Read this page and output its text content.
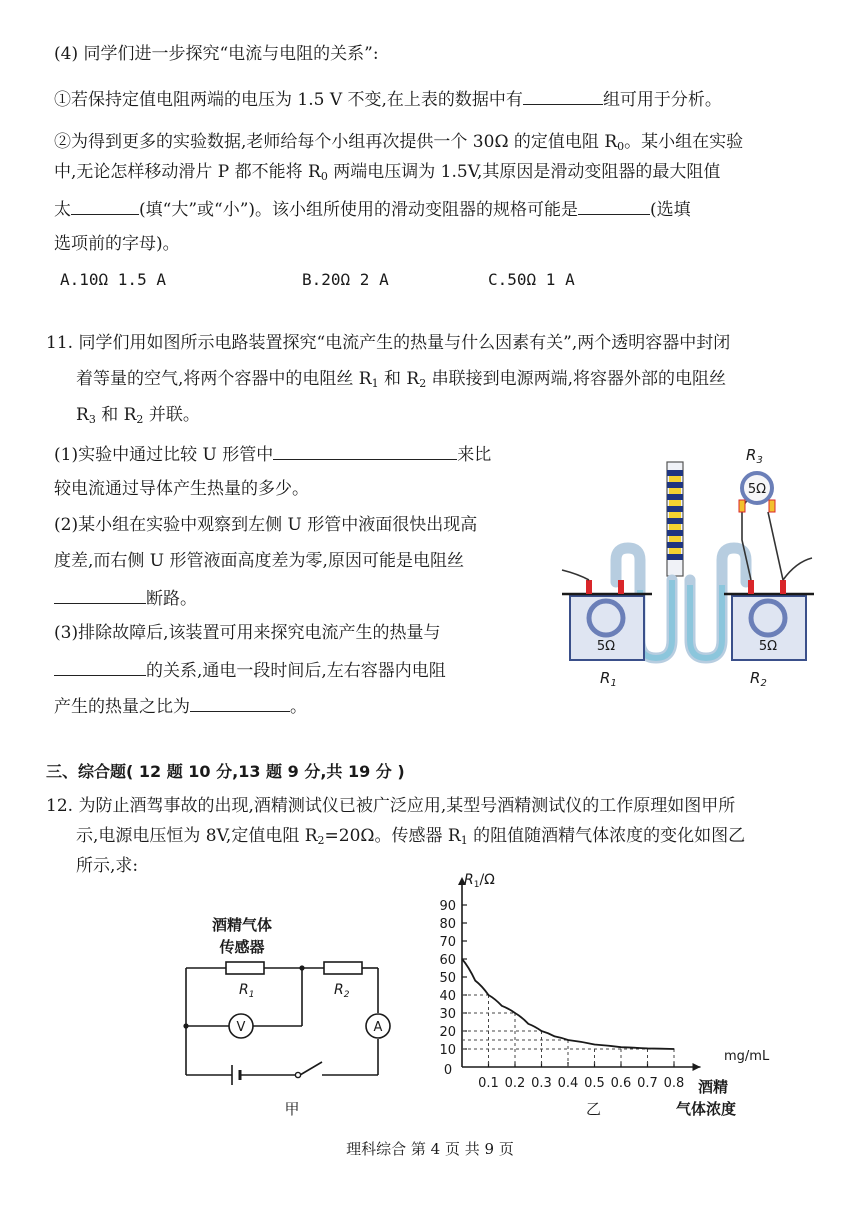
(4) 同学们进一步探究“电流与电阻的关系”:
①若保持定值电阻两端的电压为 1.5 V 不变,在上表的数据中有	组可用于分析。
②为得到更多的实验数据,老师给每个小组再次提供一个 30Ω 的定值电阻 $R_0$。某小组在实验
中,无论怎样移动滑片 P 都不能将 $R_0$ 两端电压调为 1.5V,其原因是滑动变阻器的最大阻值
太	(填“大”或“小”)。该小组所使用的滑动变阻器的规格可能是	(选填
选项前的字母)。
A.10Ω 1.5 A	B.20Ω 2 A	C.50Ω 1 A
11. 同学们用如图所示电路装置探究“电流产生的热量与什么因素有关”,两个透明容器中封闭
着等量的空气,将两个容器中的电阻丝 $R_1$ 和 $R_2$ 串联接到电源两端,将容器外部的电阻丝
$R_3$ 和 $R_2$ 并联。
(1)实验中通过比较 U 形管中	来比
较电流通过导体产生热量的多少。
(2)某小组在实验中观察到左侧 U 形管中液面很快出现高
度差,而右侧 U 形管液面高度差为零,原因可能是电阻丝
断路。
(3)排除故障后,该装置可用来探究电流产生的热量与
的关系,通电一段时间后,左右容器内电阻
产生的热量之比为	。
5Ω	5Ω
5Ω
$R_3$
$R_1$	$R_2$
三、综合题( 12 题 10 分,13 题 9 分,共 19 分 )
12. 为防止酒驾事故的出现,酒精测试仪已被广泛应用,某型号酒精测试仪的工作原理如图甲所
示,电源电压恒为 8V,定值电阻 $R_2=20\Omega$。传感器 $R_1$ 的阻值随酒精气体浓度的变化如图乙
所示,求:
酒精气体
传感器
$R_1$	$R_2$
V	A
甲
$R_1/\Omega$
mg/mL
酒精
气体浓度
乙
0
10
20
30
40
50
60
70
80
90
0.1 0.2 0.3 0.4 0.5 0.6 0.7 0.8
理科综合 第 4 页 共 9 页
